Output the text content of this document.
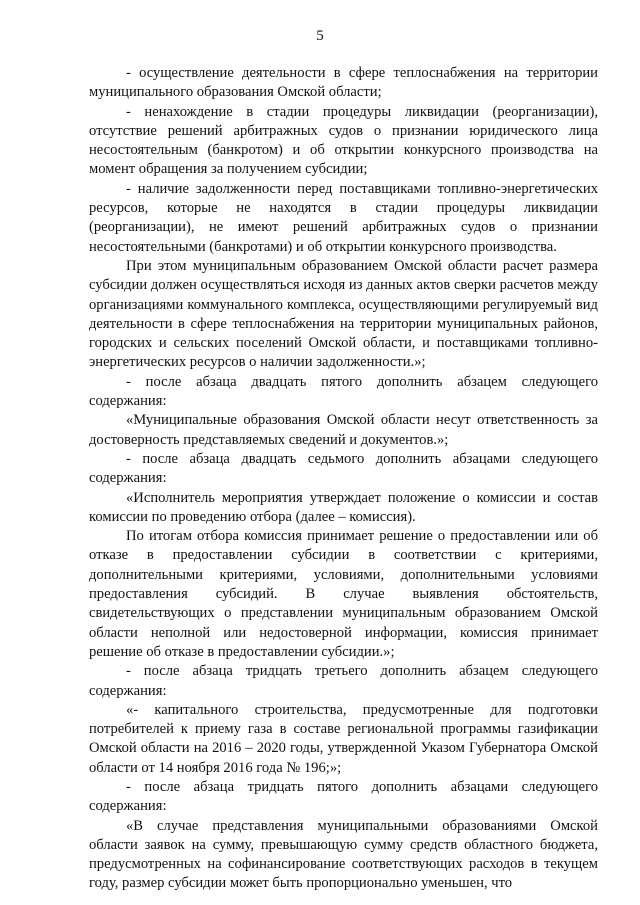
5

- осуществление деятельности в сфере теплоснабжения на территории муниципального образования Омской области;

- ненахождение в стадии процедуры ликвидации (реорганизации), отсутствие решений арбитражных судов о признании юридического лица несостоятельным (банкротом) и об открытии конкурсного производства на момент обращения за получением субсидии;

- наличие задолженности перед поставщиками топливно-энергетических ресурсов, которые не находятся в стадии процедуры ликвидации (реорганизации), не имеют решений арбитражных судов о признании несостоятельными (банкротами) и об открытии конкурсного производства.

При этом муниципальным образованием Омской области расчет размера субсидии должен осуществляться исходя из данных актов сверки расчетов между организациями коммунального комплекса, осуществляющими регулируемый вид деятельности в сфере теплоснабжения на территории муниципальных районов, городских и сельских поселений Омской области, и поставщиками топливно-энергетических ресурсов о наличии задолженности.»;

- после абзаца двадцать пятого дополнить абзацем следующего содержания:

«Муниципальные образования Омской области несут ответственность за достоверность представляемых сведений и документов.»;

- после абзаца двадцать седьмого дополнить абзацами следующего содержания:

«Исполнитель мероприятия утверждает положение о комиссии и состав комиссии по проведению отбора (далее – комиссия).

По итогам отбора комиссия принимает решение о предоставлении или об отказе в предоставлении субсидии в соответствии с критериями, дополнительными критериями, условиями, дополнительными условиями предоставления субсидий. В случае выявления обстоятельств, свидетельствующих о представлении муниципальным образованием Омской области неполной или недостоверной информации, комиссия принимает решение об отказе в предоставлении субсидии.»;

- после абзаца тридцать третьего дополнить абзацем следующего содержания:

«- капитального строительства, предусмотренные для подготовки потребителей к приему газа в составе региональной программы газификации Омской области на 2016 – 2020 годы, утвержденной Указом Губернатора Омской области от 14 ноября 2016 года № 196;»;

- после абзаца тридцать пятого дополнить абзацами следующего содержания:

«В случае представления муниципальными образованиями Омской области заявок на сумму, превышающую сумму средств областного бюджета, предусмотренных на софинансирование соответствующих расходов в текущем году, размер субсидии может быть пропорционально уменьшен, что
